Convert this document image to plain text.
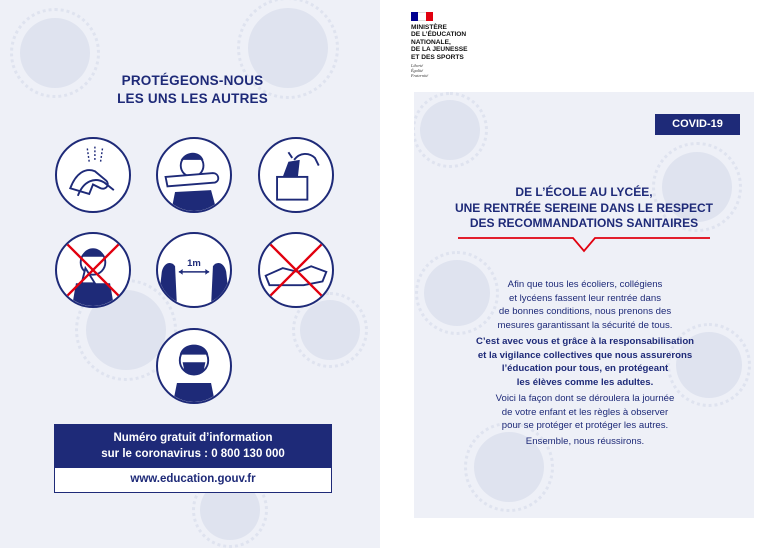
PROTÉGEONS-NOUS
LES UNS LES AUTRES
1m
Numéro gratuit d’information
sur le coronavirus : 0 800 130 000
www.education.gouv.fr
MINISTÈRE
DE L’ÉDUCATION
NATIONALE,
DE LA JEUNESSE
ET DES SPORTS
Liberté
Égalité
Fraternité
COVID-19
DE L’ÉCOLE AU LYCÉE,
UNE RENTRÉE SEREINE DANS LE RESPECT
DES RECOMMANDATIONS SANITAIRES
Afin que tous les écoliers, collégiens
et lycéens fassent leur rentrée dans
de bonnes conditions, nous prenons des
mesures garantissant la sécurité de tous.
C’est avec vous et grâce à la responsabilisation
et la vigilance collectives que nous assurerons
l’éducation pour tous, en protégeant
les élèves comme les adultes.
Voici la façon dont se déroulera la journée
de votre enfant et les règles à observer
pour se protéger et protéger les autres.
Ensemble, nous réussirons.
